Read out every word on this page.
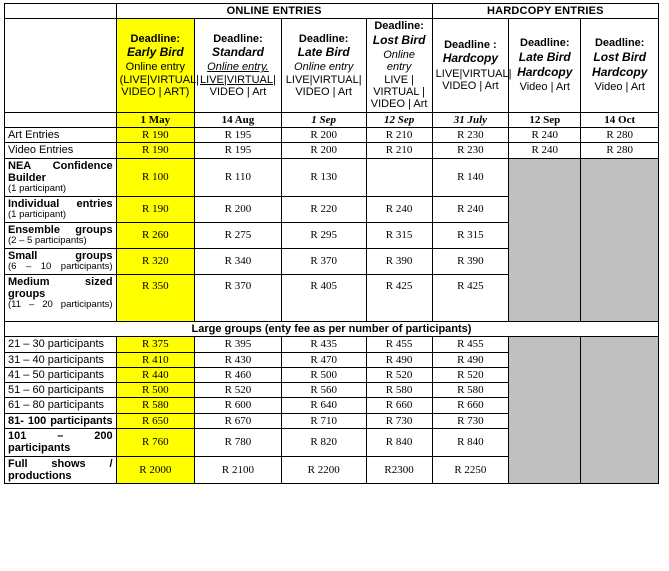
	ONLINE ENTRIES				HARDCOPY ENTRIES		
	Deadline:
Early Bird
Online entry
(LIVE|VIRTUAL|
VIDEO | ART)
	Deadline:
Standard
Online entry.
LIVE|VIRTUAL|
VIDEO | Art
	Deadline:
Late Bird
Online entry
LIVE|VIRTUAL|
VIDEO | Art
	Deadline:
Lost Bird
Online entry
LIVE |
VIRTUAL |
VIDEO | Art
	Deadline :
Hardcopy
LIVE|VIRTUAL|
VIDEO | Art
	Deadline:
Late Bird
Hardcopy
Video | Art
	Deadline:
Lost Bird
Hardcopy
Video | Art

	1 May	14 Aug	1 Sep	12 Sep	31 July	12 Sep	14 Oct
Art Entries	R 190	R 195	R 200	R 210	R 230	R 240	R 280
Video Entries	R 190	R 195	R 200	R 210	R 230	R 240	R 280
NEA Confidence Builder
(1 participant)	R 100	R 110	R 130		R 140		
Individual entries
(1 participant)	R 190	R 200	R 220	R 240	R 240		
Ensemble groups
(2 – 5 participants)	R 260	R 275	R 295	R 315	R 315		
Small groups
(6 – 10 participants)	R 320	R 340	R 370	R 390	R 390		
Medium sized groups
(11 – 20 participants)	R 350	R 370	R 405	R 425	R 425		
Large groups (enty fee as per number of participants)							
21 – 30 participants	R 375	R 395	R 435	R 455	R 455		
31 – 40 participants	R 410	R 430	R 470	R 490	R 490		
41 – 50 participants	R 440	R 460	R 500	R 520	R 520		
51 – 60 participants	R 500	R 520	R 560	R 580	R 580		
61 – 80 participants	R 580	R 600	R 640	R 660	R 660		
81- 100 participants	R 650	R 670	R 710	R 730	R 730		
101 – 200 participants	R 760	R 780	R 820	R 840	R 840		
Full shows / productions	R 2000	R 2100	R 2200	R2300	R 2250		
